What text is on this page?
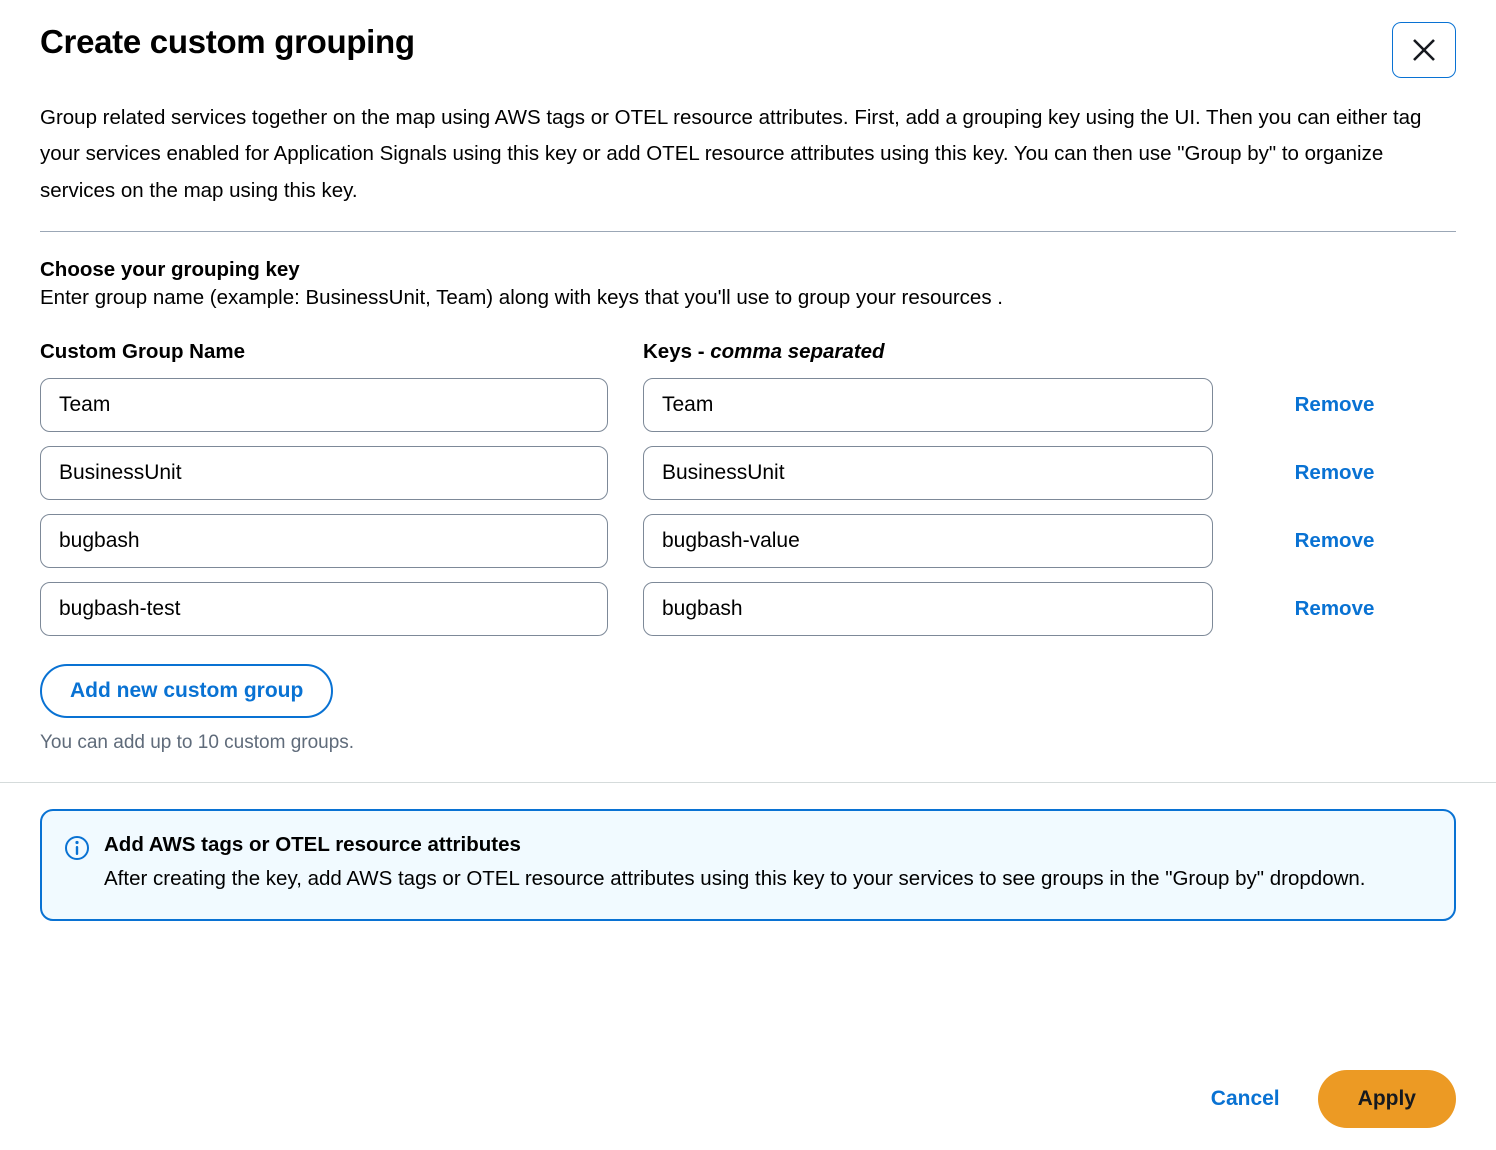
Create custom grouping

Group related services together on the map using AWS tags or OTEL resource attributes. First, add a grouping key using the UI. Then you can either tag your services enabled for Application Signals using this key or add OTEL resource attributes using this key. You can then use "Group by" to organize services on the map using this key.

Choose your grouping key

Enter group name (example: BusinessUnit, Team) along with keys that you'll use to group your resources .

Custom Group Name	Keys - comma separated
Team
Team
Remove
BusinessUnit
BusinessUnit
Remove
bugbash
bugbash-value
Remove
bugbash-test
bugbash
Remove
Add new custom group

You can add up to 10 custom groups.

Add AWS tags or OTEL resource attributes

After creating the key, add AWS tags or OTEL resource attributes using this key to your services to see groups in the "Group by" dropdown.

Cancel	Apply
